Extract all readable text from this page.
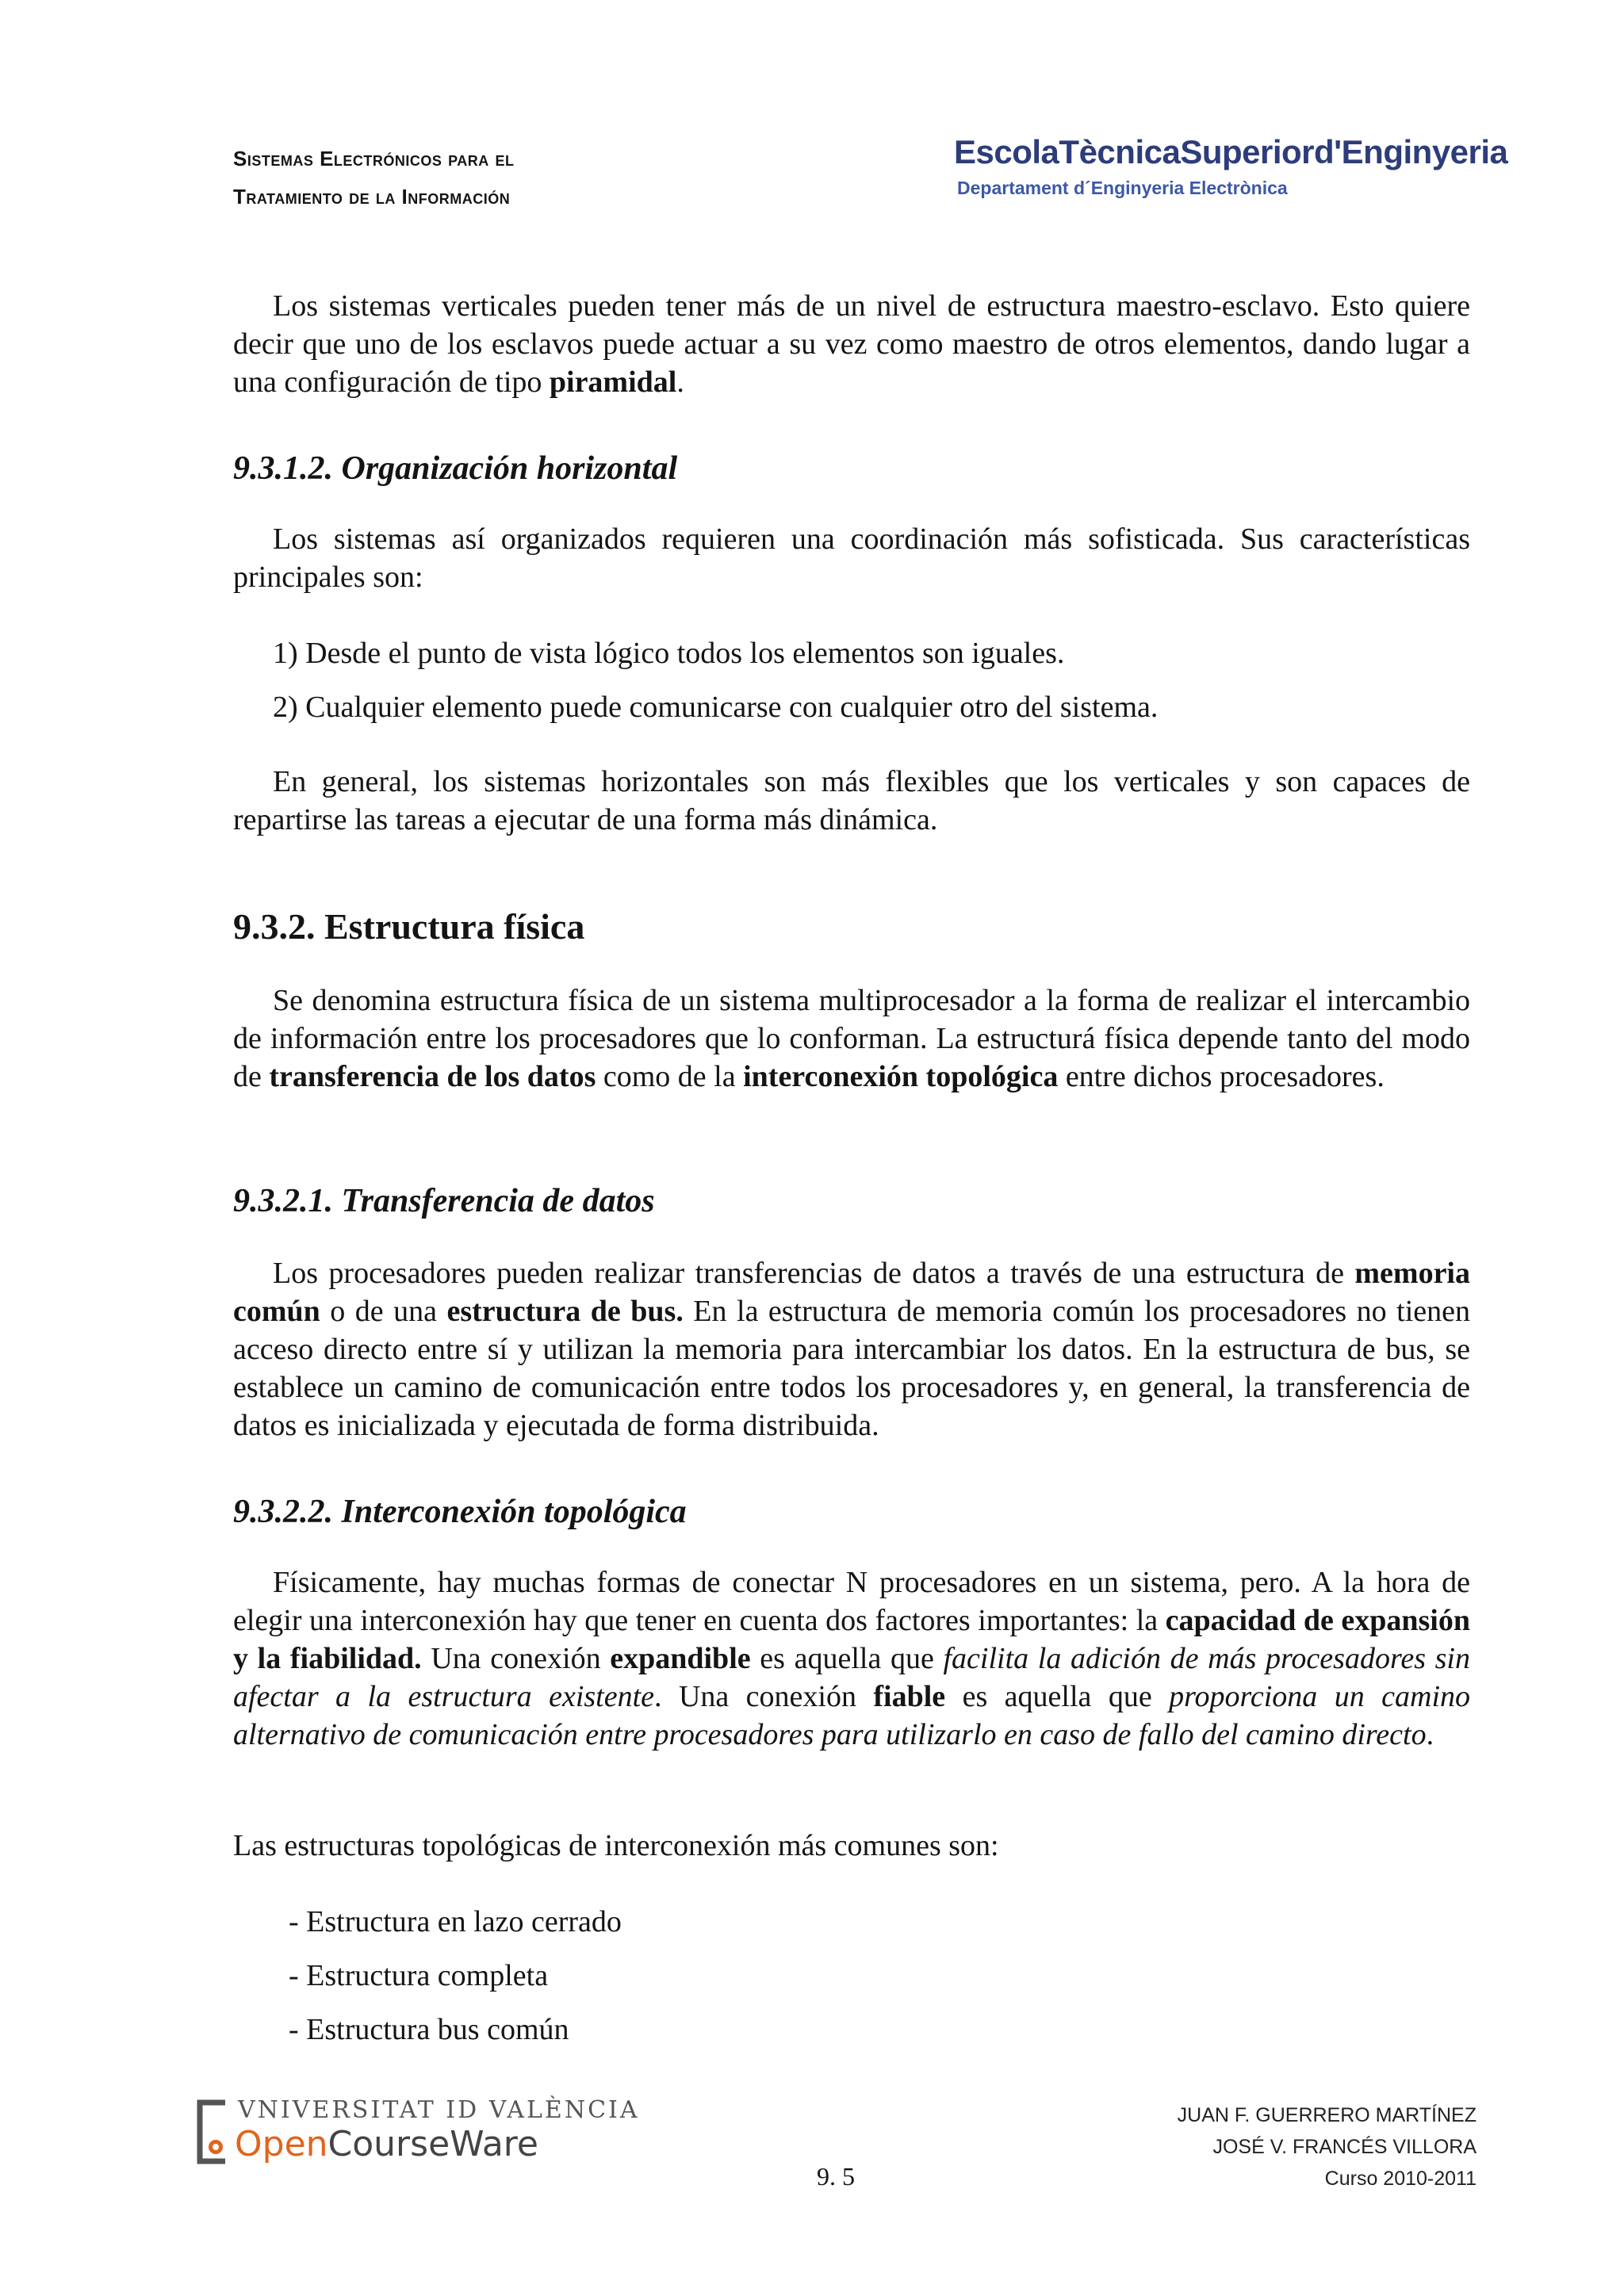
Sistemas Electrónicos para el
Tratamiento de la Información
EscolaTècnicaSuperiord'Enginyeria
Departament d´Enginyeria Electrònica

Los sistemas verticales pueden tener más de un nivel de estructura maestro-esclavo. Esto quiere decir que uno de los esclavos puede actuar a su vez como maestro de otros elementos, dando lugar a una configuración de tipo piramidal.

9.3.1.2. Organización horizontal

Los sistemas así organizados requieren una coordinación más sofisticada. Sus características principales son:

1) Desde el punto de vista lógico todos los elementos son iguales.
2) Cualquier elemento puede comunicarse con cualquier otro del sistema.

En general, los sistemas horizontales son más flexibles que los verticales y son capaces de repartirse las tareas a ejecutar de una forma más dinámica.

9.3.2. Estructura física

Se denomina estructura física de un sistema multiprocesador a la forma de realizar el intercambio de información entre los procesadores que lo conforman. La estructurá física depende tanto del modo de transferencia de los datos como de la interconexión topológica entre dichos procesadores.

9.3.2.1. Transferencia de datos

Los procesadores pueden realizar transferencias de datos a través de una estructura de memoria común o de una estructura de bus. En la estructura de memoria común los procesadores no tienen acceso directo entre sí y utilizan la memoria para intercambiar los datos. En la estructura de bus, se establece un camino de comunicación entre todos los procesadores y, en general, la transferencia de datos es inicializada y ejecutada de forma distribuida.

9.3.2.2. Interconexión topológica

Físicamente, hay muchas formas de conectar N procesadores en un sistema, pero. A la hora de elegir una interconexión hay que tener en cuenta dos factores importantes: la capacidad de expansión y la fiabilidad. Una conexión expandible es aquella que facilita la adición de más procesadores sin afectar a la estructura existente. Una conexión fiable es aquella que proporciona un camino alternativo de comunicación entre procesadores para utilizarlo en caso de fallo del camino directo.

Las estructuras topológicas de interconexión más comunes son:

- Estructura en lazo cerrado
- Estructura completa
- Estructura bus común
VNIVERSITAT ID VALÈNCIA
OpenCourseWare
9. 5
JUAN F. GUERRERO MARTÍNEZ
JOSÉ V. FRANCÉS VILLORA
Curso 2010-2011
